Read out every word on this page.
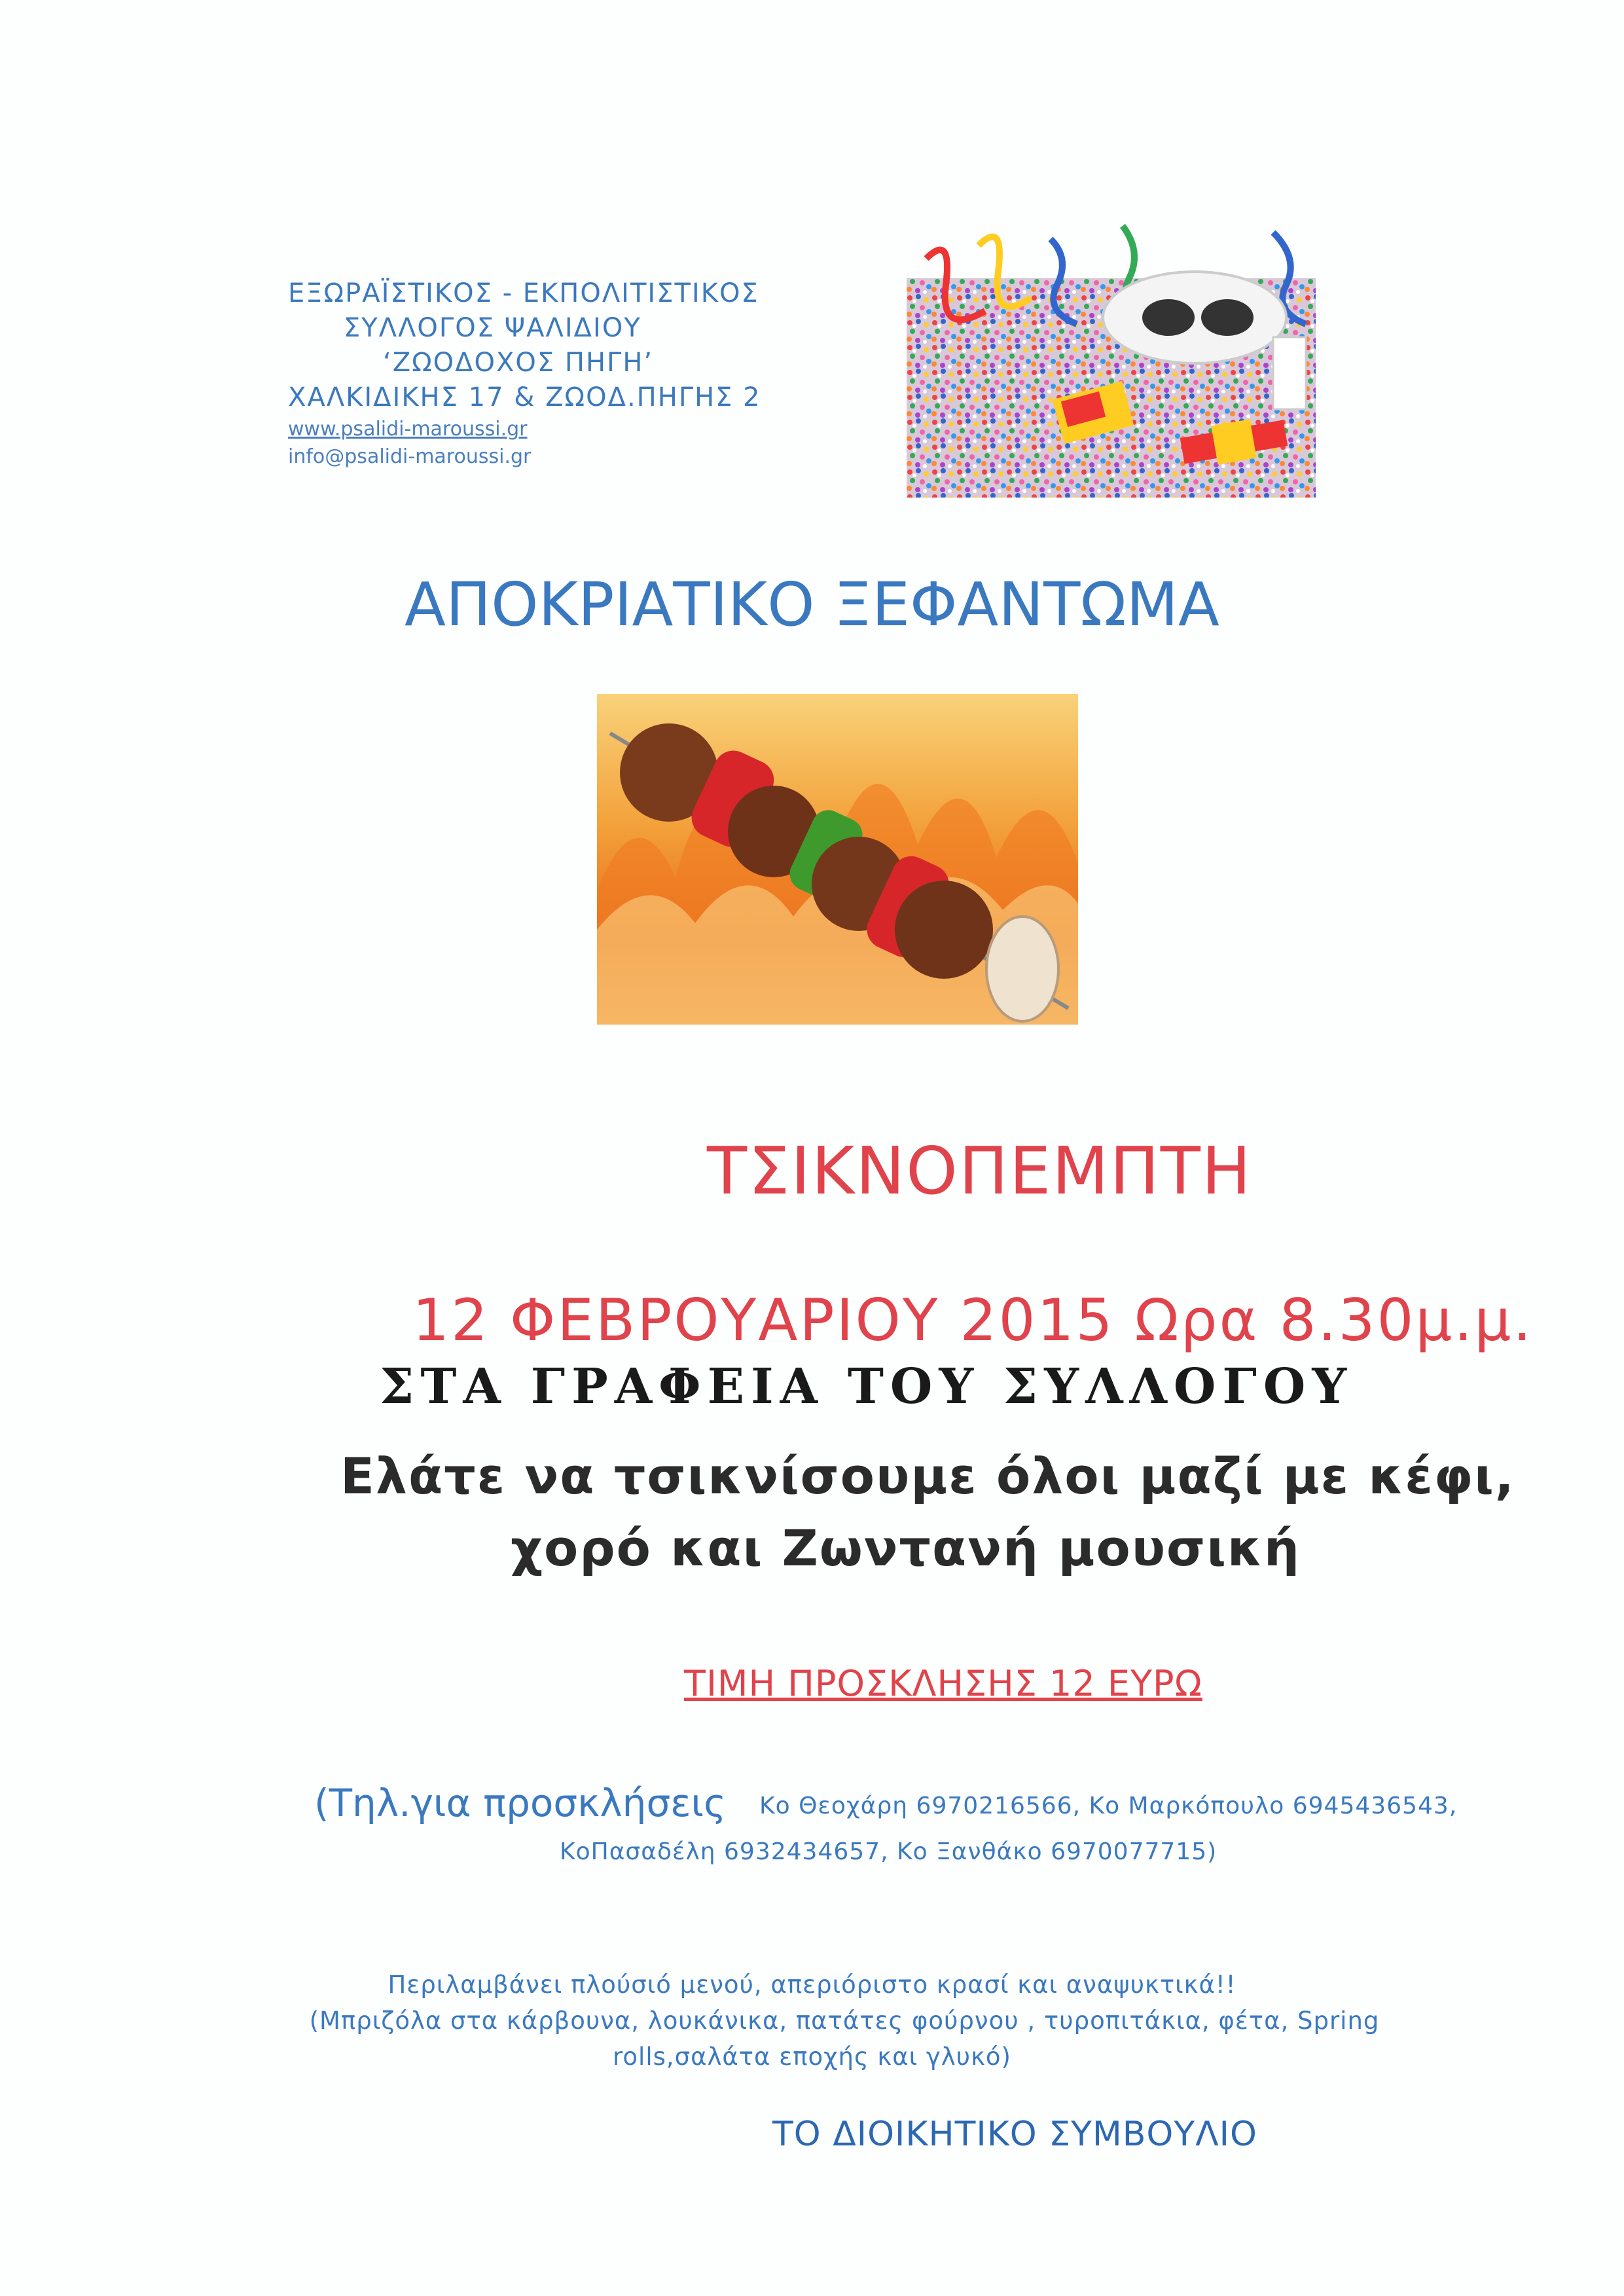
ΕΞΩΡΑΪΣΤΙΚΟΣ - ΕΚΠΟΛΙΤΙΣΤΙΚΟΣ
ΣΥΛΛΟΓΟΣ ΨΑΛΙΔΙΟΥ
‘ΖΩΟΔΟΧΟΣ ΠΗΓΗ’
ΧΑΛΚΙΔΙΚΗΣ 17 & ΖΩΟΔ.ΠΗΓΗΣ 2
www.psalidi-maroussi.gr
info@psalidi-maroussi.gr
ΑΠΟΚΡΙΑΤΙΚΟ ΞΕΦΑΝΤΩΜΑ
ΤΣΙΚΝΟΠΕΜΠΤΗ
12 ΦΕΒΡΟΥΑΡΙΟΥ 2015 Ωρα 8.30μ.μ.
ΣΤΑ ΓΡΑΦΕΙΑ ΤΟΥ ΣΥΛΛΟΓΟΥ
Ελάτε να τσικνίσουμε όλοι μαζί με κέφι,
χορό και Ζωντανή μουσική
ΤΙΜΗ ΠΡΟΣΚΛΗΣΗΣ 12 ΕΥΡΩ
(Τηλ.για προσκλήσεις Κο Θεοχάρη 6970216566, Κο Μαρκόπουλο 6945436543,
ΚοΠασαδέλη 6932434657, Κο Ξανθάκο 6970077715)
Περιλαμβάνει πλούσιό μενού, απεριόριστο κρασί και αναψυκτικά!!
(Μπριζόλα στα κάρβουνα, λουκάνικα, πατάτες φούρνου , τυροπιτάκια, φέτα, Spring
rolls,σαλάτα εποχής και γλυκό)
ΤΟ ΔΙΟΙΚΗΤΙΚΟ ΣΥΜΒΟΥΛΙΟ
